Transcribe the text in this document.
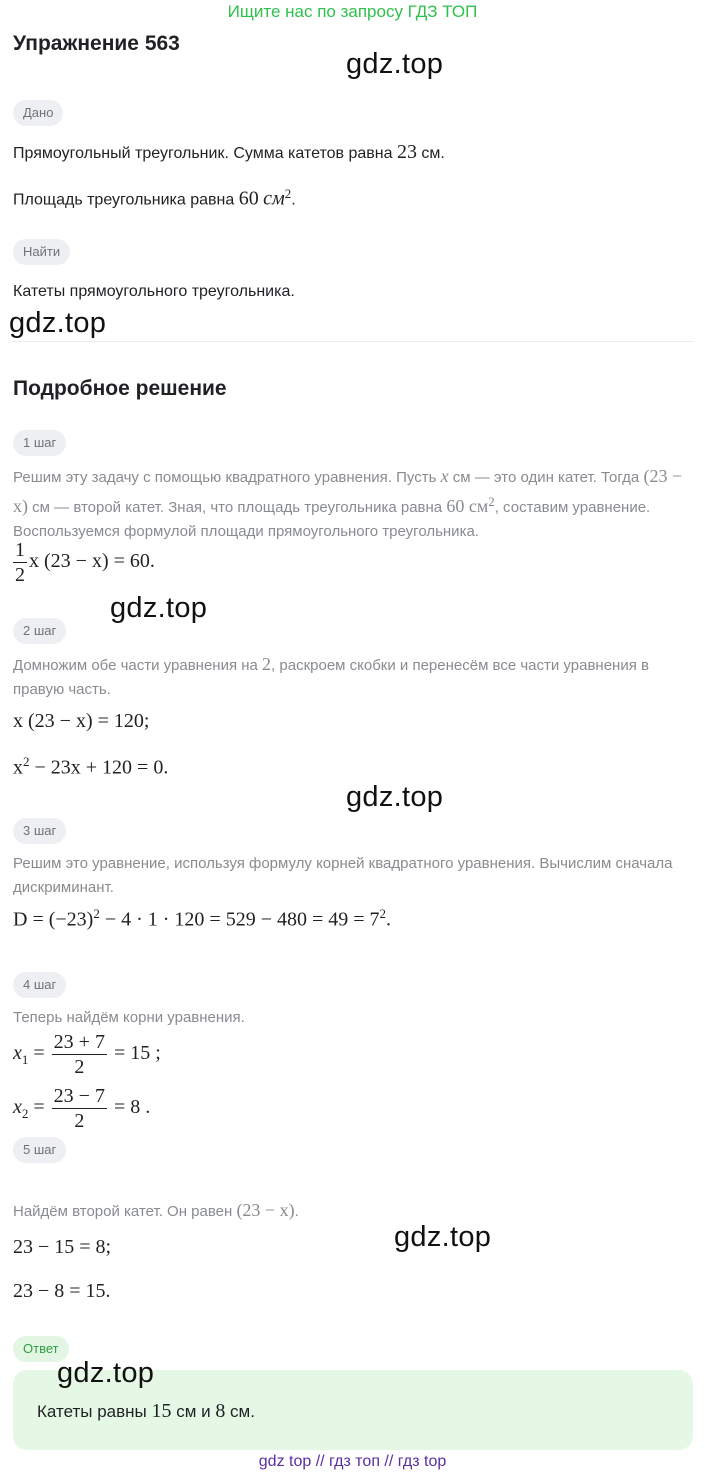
Ищите нас по запросу ГДЗ ТОП
Упражнение 563
gdz.top
Дано
Прямоугольный треугольник. Сумма катетов равна 23 см.
Площадь треугольника равна 60 $см^2$.
Найти
Катеты прямоугольного треугольника.
gdz.top
Подробное решение
1 шаг
Решим эту задачу с помощью квадратного уравнения. Пусть x см — это один катет. Тогда (23 − x) см — второй катет. Зная, что площадь треугольника равна 60 $см^2$, составим уравнение. Воспользуемся формулой площади прямоугольного треугольника.
$\frac{1}{2}$ x (23 − x) = 60.
gdz.top
2 шаг
Домножим обе части уравнения на 2, раскроем скобки и перенесём все части уравнения в правую часть.
x (23 − x) = 120;
$x^2 - 23x + 120 = 0$.
gdz.top
3 шаг
Решим это уравнение, используя формулу корней квадратного уравнения. Вычислим сначала дискриминант.
$D = (-23)^2 - 4 \cdot 1 \cdot 120 = 529 - 480 = 49 = 7^2$.
4 шаг
Теперь найдём корни уравнения.
$x_1 = \frac{23 + 7}{2} = 15$ ;
$x_2 = \frac{23 - 7}{2} = 8$ .
5 шаг
Найдём второй катет. Он равен (23 − x).
gdz.top
23 − 15 = 8;
23 − 8 = 15.
Ответ
Катеты равны 15 см и 8 см.
gdz.top
gdz top // гдз топ // гдз top
